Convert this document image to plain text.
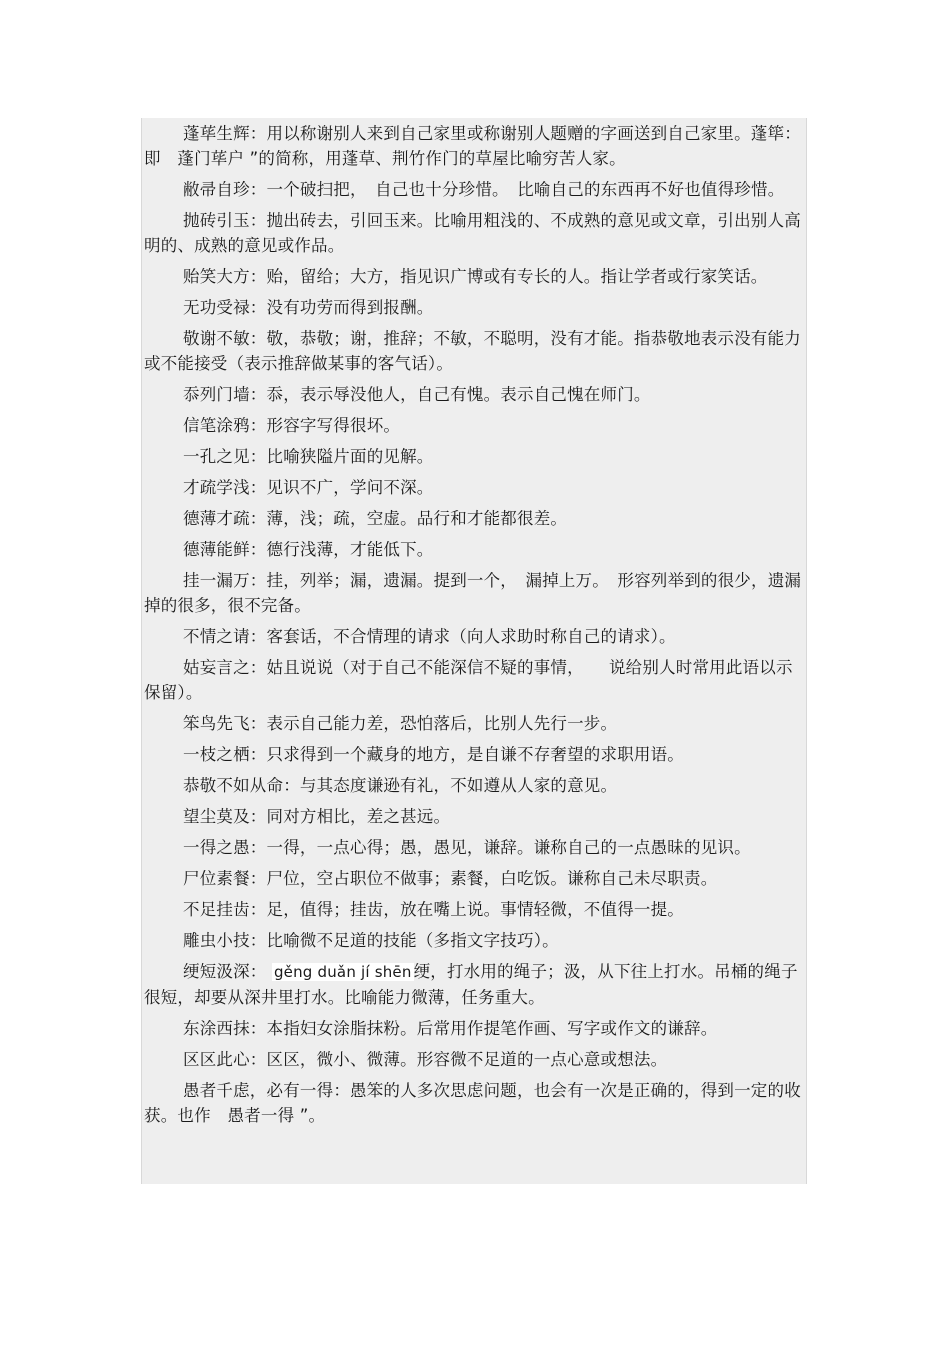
蓬荜生辉：用以称谢别人来到自己家里或称谢别人题赠的字画送到自己家里。蓬筚：即　蓬门荜户 ”的简称，用蓬草、荆竹作门的草屋比喻穷苦人家。

敝帚自珍：一个破扫把，　自己也十分珍惜。　比喻自己的东西再不好也值得珍惜。

抛砖引玉：抛出砖去，引回玉来。比喻用粗浅的、不成熟的意见或文章，引出别人高明的、成熟的意见或作品。

贻笑大方：贻，留给；大方，指见识广博或有专长的人。指让学者或行家笑话。

无功受禄：没有功劳而得到报酬。

敬谢不敏：敬，恭敬；谢，推辞；不敏，不聪明，没有才能。指恭敬地表示没有能力或不能接受（表示推辞做某事的客气话）。

忝列门墙：忝，表示辱没他人，自己有愧。表示自己愧在师门。

信笔涂鸦：形容字写得很坏。

一孔之见：比喻狭隘片面的见解。

才疏学浅：见识不广，学问不深。

德薄才疏：薄，浅；疏，空虚。品行和才能都很差。

德薄能鲜：德行浅薄，才能低下。

挂一漏万：挂，列举；漏，遗漏。提到一个，　漏掉上万。　形容列举到的很少，遗漏掉的很多，很不完备。

不情之请：客套话，不合情理的请求（向人求助时称自己的请求）。

姑妄言之：姑且说说（对于自己不能深信不疑的事情，　　说给别人时常用此语以示保留）。

笨鸟先飞：表示自己能力差，恐怕落后，比别人先行一步。

一枝之栖：只求得到一个藏身的地方，是自谦不存奢望的求职用语。

恭敬不如从命：与其态度谦逊有礼，不如遵从人家的意见。

望尘莫及：同对方相比，差之甚远。

一得之愚：一得，一点心得；愚，愚见，谦辞。谦称自己的一点愚昧的见识。

尸位素餐：尸位，空占职位不做事；素餐，白吃饭。谦称自己未尽职责。

不足挂齿：足，值得；挂齿，放在嘴上说。事情轻微，不值得一提。

雕虫小技：比喻微不足道的技能（多指文字技巧）。

绠短汲深： gěng duǎn jí shēn 绠，打水用的绳子；汲，从下往上打水。吊桶的绳子很短，却要从深井里打水。比喻能力微薄，任务重大。

东涂西抹：本指妇女涂脂抹粉。后常用作提笔作画、写字或作文的谦辞。

区区此心：区区，微小、微薄。形容微不足道的一点心意或想法。

愚者千虑，必有一得：愚笨的人多次思虑问题，也会有一次是正确的，得到一定的收获。也作　愚者一得 ”。
